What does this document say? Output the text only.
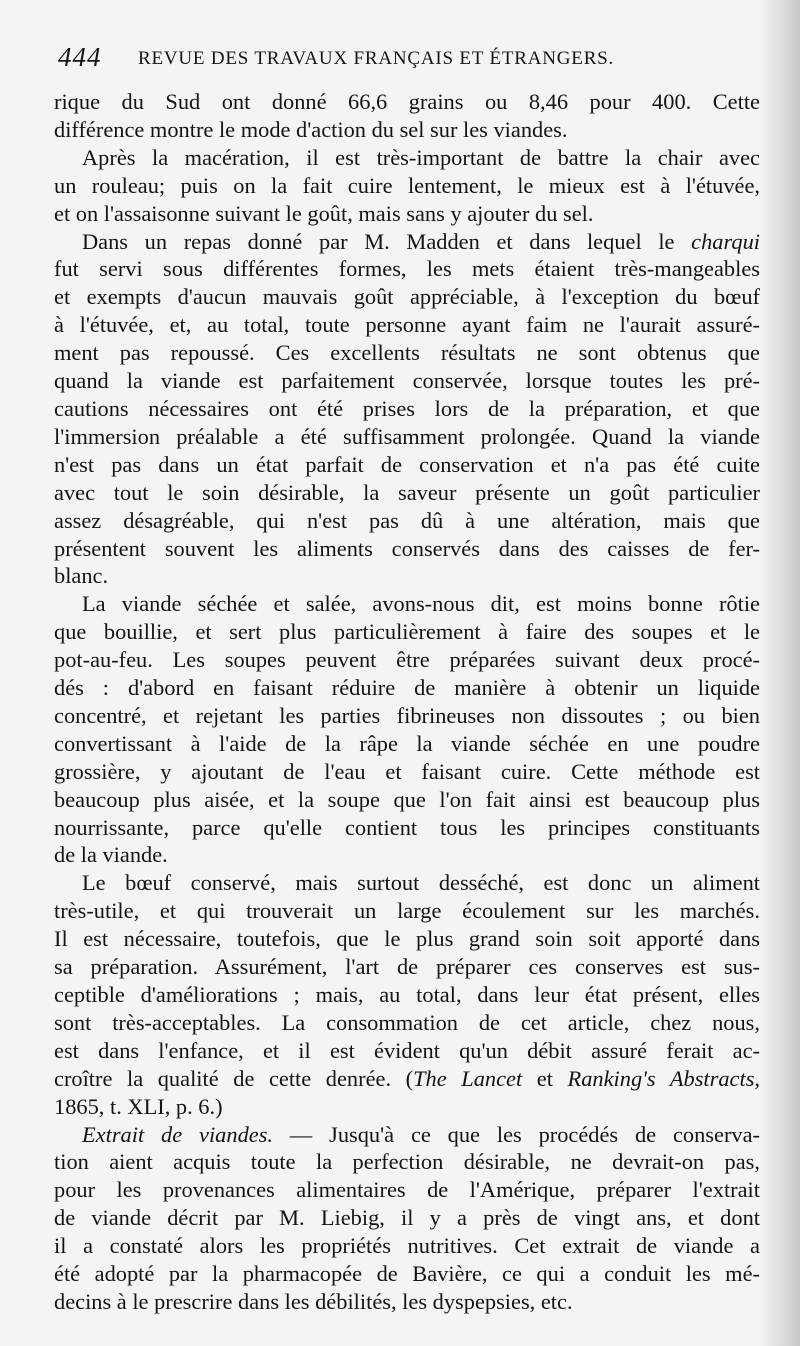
444 REVUE DES TRAVAUX FRANÇAIS ET ÉTRANGERS.
rique du Sud ont donné 66,6 grains ou 8,46 pour 400. Cette
différence montre le mode d'action du sel sur les viandes.
Après la macération, il est très-important de battre la chair avec
un rouleau; puis on la fait cuire lentement, le mieux est à l'étuvée,
et on l'assaisonne suivant le goût, mais sans y ajouter du sel.
Dans un repas donné par M. Madden et dans lequel le charqui
fut servi sous différentes formes, les mets étaient très-mangeables
et exempts d'aucun mauvais goût appréciable, à l'exception du bœuf
à l'étuvée, et, au total, toute personne ayant faim ne l'aurait assuré-
ment pas repoussé. Ces excellents résultats ne sont obtenus que
quand la viande est parfaitement conservée, lorsque toutes les pré-
cautions nécessaires ont été prises lors de la préparation, et que
l'immersion préalable a été suffisamment prolongée. Quand la viande
n'est pas dans un état parfait de conservation et n'a pas été cuite
avec tout le soin désirable, la saveur présente un goût particulier
assez désagréable, qui n'est pas dû à une altération, mais que
présentent souvent les aliments conservés dans des caisses de fer-
blanc.
La viande séchée et salée, avons-nous dit, est moins bonne rôtie
que bouillie, et sert plus particulièrement à faire des soupes et le
pot-au-feu. Les soupes peuvent être préparées suivant deux procé-
dés : d'abord en faisant réduire de manière à obtenir un liquide
concentré, et rejetant les parties fibrineuses non dissoutes ; ou bien
convertissant à l'aide de la râpe la viande séchée en une poudre
grossière, y ajoutant de l'eau et faisant cuire. Cette méthode est
beaucoup plus aisée, et la soupe que l'on fait ainsi est beaucoup plus
nourrissante, parce qu'elle contient tous les principes constituants
de la viande.
Le bœuf conservé, mais surtout desséché, est donc un aliment
très-utile, et qui trouverait un large écoulement sur les marchés.
Il est nécessaire, toutefois, que le plus grand soin soit apporté dans
sa préparation. Assurément, l'art de préparer ces conserves est sus-
ceptible d'améliorations ; mais, au total, dans leur état présent, elles
sont très-acceptables. La consommation de cet article, chez nous,
est dans l'enfance, et il est évident qu'un débit assuré ferait ac-
croître la qualité de cette denrée. (The Lancet et Ranking's Abstracts,
1865, t. XLI, p. 6.)
Extrait de viandes. — Jusqu'à ce que les procédés de conserva-
tion aient acquis toute la perfection désirable, ne devrait-on pas,
pour les provenances alimentaires de l'Amérique, préparer l'extrait
de viande décrit par M. Liebig, il y a près de vingt ans, et dont
il a constaté alors les propriétés nutritives. Cet extrait de viande a
été adopté par la pharmacopée de Bavière, ce qui a conduit les mé-
decins à le prescrire dans les débilités, les dyspepsies, etc.
